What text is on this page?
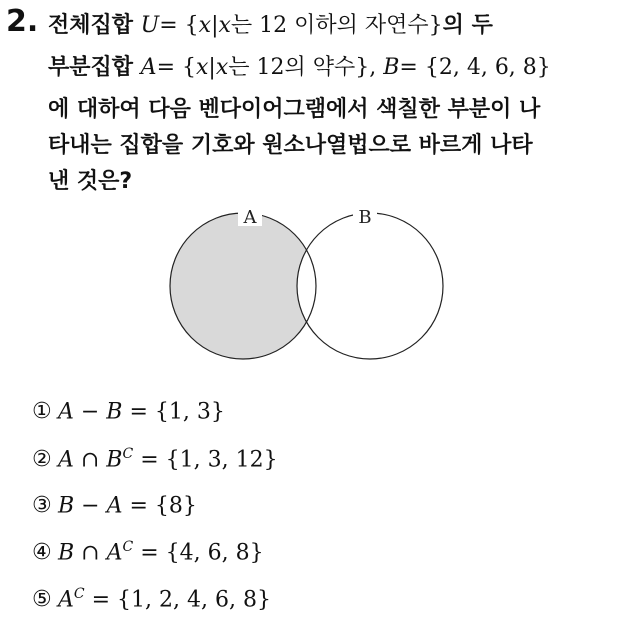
2. 전체집합 U= {x|x는 12 이하의 자연수}의 두
부분집합 A= {x|x는 12의 약수}, B= {2, 4, 6, 8}
에 대하여 다음 벤다이어그램에서 색칠한 부분이 나
타내는 집합을 기호와 원소나열법으로 바르게 나타
낸 것은?
A	B
① A − B = {1, 3}
② A ∩ $B^C = \{1$, 3, 12}
③ B − A = {8}
④ B ∩ $A^C = \{4$, 6, 8}
⑤ $A^C = \{1$, 2, 4, 6, 8}
